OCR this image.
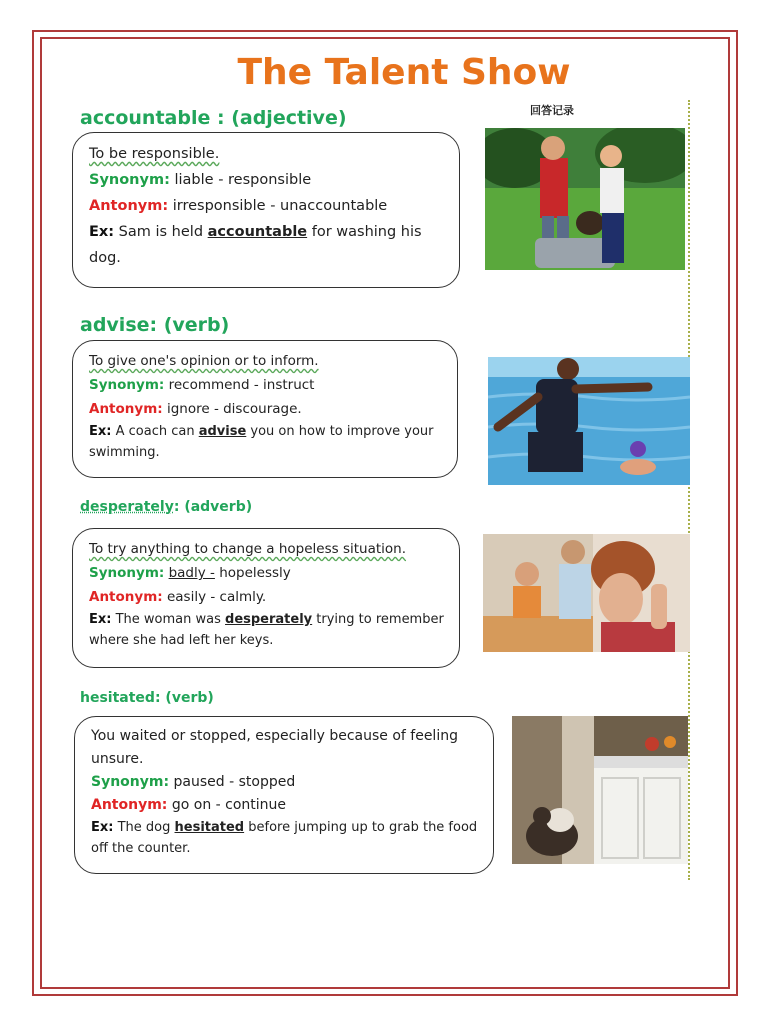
The Talent Show
回答记录
accountable : (adjective)
To be responsible.
Synonym: liable - responsible
Antonym: irresponsible - unaccountable
Ex: Sam is held accountable for washing his dog.
advise: (verb)
To give one's opinion or to inform.
Synonym: recommend - instruct
Antonym: ignore - discourage.
Ex: A coach can advise you on how to improve your swimming.
desperately: (adverb)
To try anything to change a hopeless situation.
Synonym: badly - hopelessly
Antonym: easily - calmly.
Ex: The woman was desperately trying to remember where she had left her keys.
hesitated: (verb)
You waited or stopped, especially because of feeling unsure.
Synonym: paused - stopped
Antonym: go on - continue
Ex: The dog hesitated before jumping up to grab the food off the counter.
